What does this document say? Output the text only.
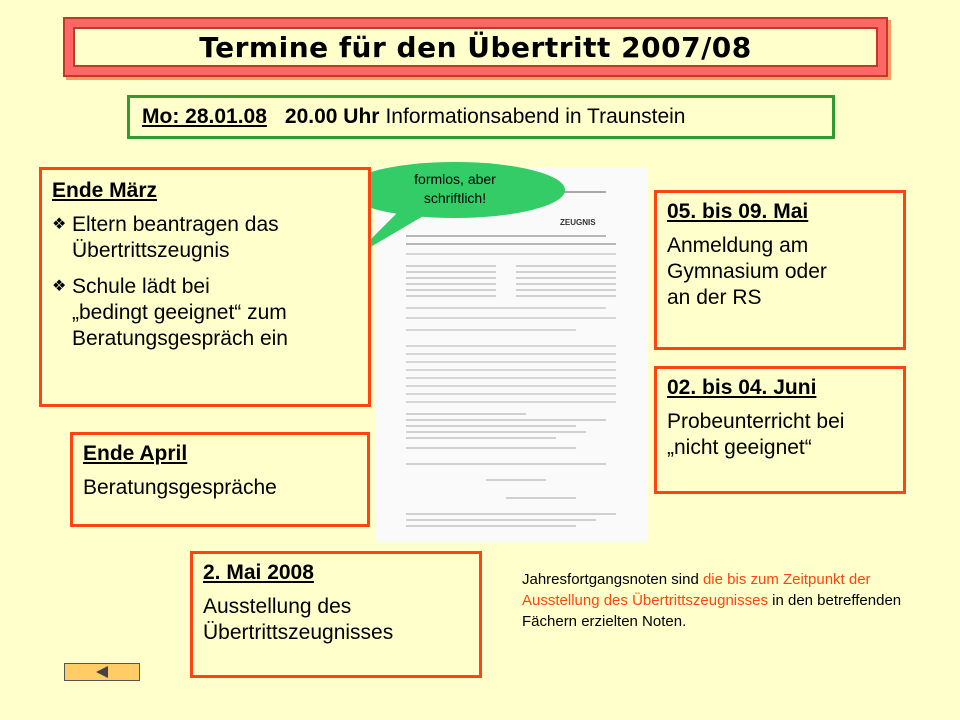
Termine für den Übertritt 2007/08
Mo: 28.01.08 20.00 Uhr Informationsabend in Traunstein
ZEUGNIS
formlos, aber
schriftlich!
Ende März
❖ Eltern beantragen das
Übertrittszeugnis
❖ Schule lädt bei
„bedingt geeignet“ zum
Beratungsgespräch ein
Ende April
Beratungsgespräche
05. bis 09. Mai
Anmeldung am
Gymnasium oder
an der RS
02. bis 04. Juni
Probeunterricht bei
„nicht geeignet“
2. Mai 2008
Ausstellung des
Übertrittszeugnisses
Jahresfortgangsnoten sind die bis zum Zeitpunkt der Ausstellung des Übertrittszeugnisses in den betreffenden Fächern erzielten Noten.
